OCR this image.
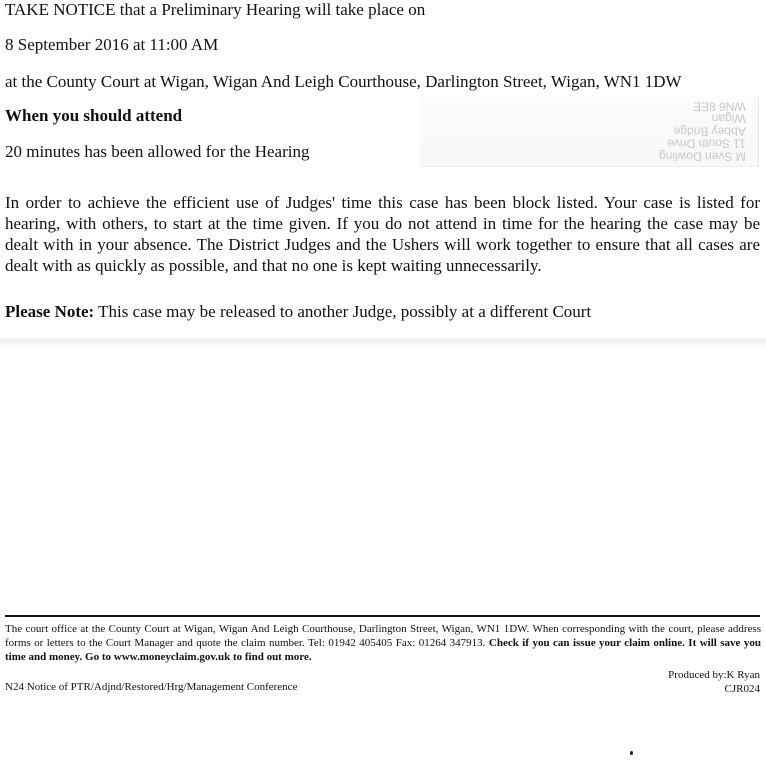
M Sven Dowling
11 South Drive
Abbey Bridge
Wigan
WN6 8EE
TAKE NOTICE that a Preliminary Hearing will take place on
8 September 2016 at 11:00 AM
at the County Court at Wigan, Wigan And Leigh Courthouse, Darlington Street, Wigan, WN1 1DW
When you should attend
20 minutes has been allowed for the Hearing
In order to achieve the efficient use of Judges' time this case has been block listed. Your case is listed for hearing, with others, to start at the time given. If you do not attend in time for the hearing the case may be dealt with in your absence. The District Judges and the Ushers will work together to ensure that all cases are dealt with as quickly as possible, and that no one is kept waiting unnecessarily.
Please Note: This case may be released to another Judge, possibly at a different Court
The court office at the County Court at Wigan, Wigan And Leigh Courthouse, Darlington Street, Wigan, WN1 1DW. When corresponding with the court, please address forms or letters to the Court Manager and quote the claim number. Tel: 01942 405405 Fax: 01264 347913. Check if you can issue your claim online. It will save you time and money. Go to www.moneyclaim.gov.uk to find out more.
N24 Notice of PTR/Adjnd/Restored/Hrg/Management Conference
Produced by:K Ryan
CJR024
